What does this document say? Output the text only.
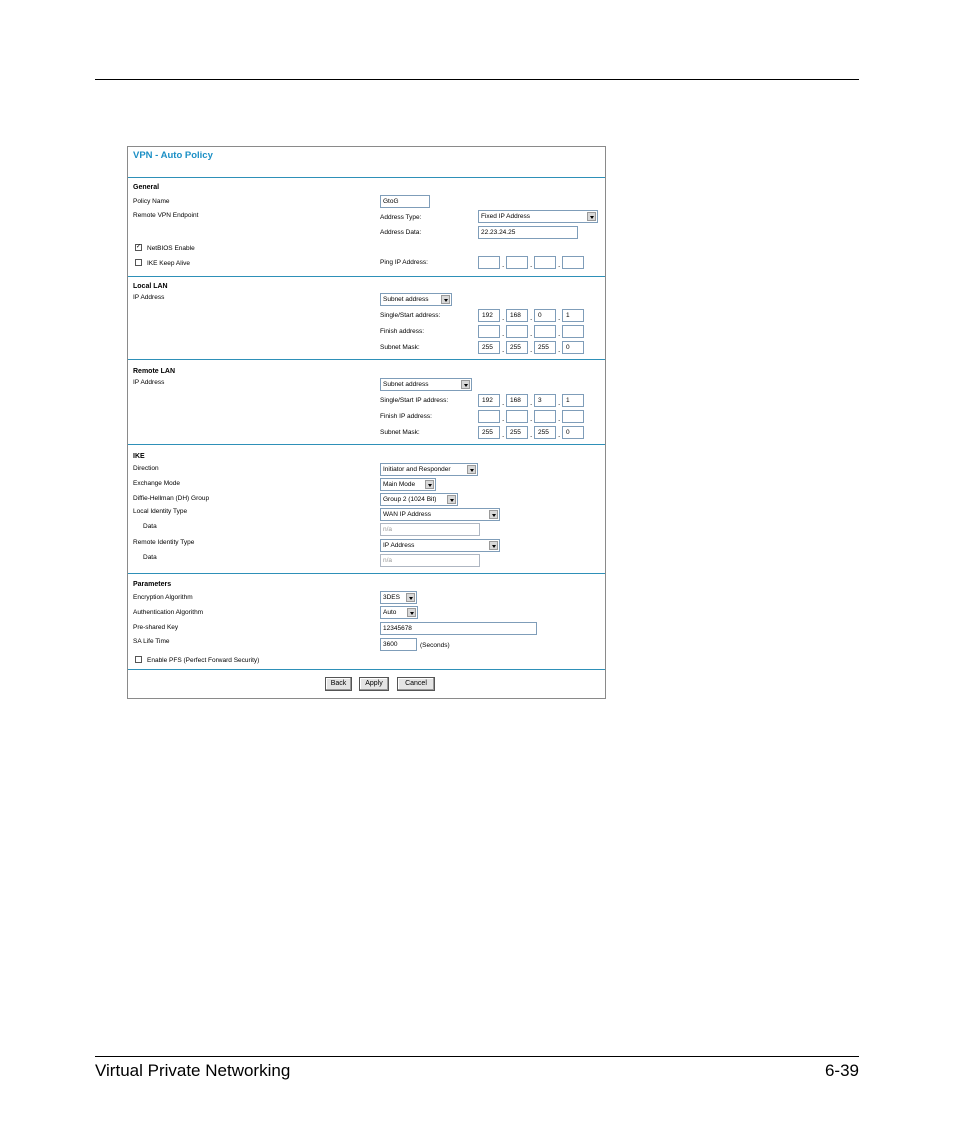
Virtual Private Networking	6-39
VPN - Auto Policy
General
Policy Name	GtoG
Remote VPN Endpoint	Address Type:	Fixed IP Address
Address Data:	22.23.24.25
✓ NetBIOS Enable
IKE Keep Alive	Ping IP Address:	.	.	.
Local LAN
IP Address	Subnet address
Single/Start address:	192	. 168	. 0	. 1
Finish address:	.	.	.
Subnet Mask:	255	. 255	. 255	. 0
Remote LAN
IP Address	Subnet address
Single/Start IP address:	192	. 168	. 3	. 1
Finish IP address:	.	.	.
Subnet Mask:	255	. 255	. 255	. 0
IKE
Direction	Initiator and Responder
Exchange Mode	Main Mode
Diffie-Hellman (DH) Group	Group 2 (1024 Bit)
Local Identity Type	WAN IP Address
Data	n/a
Remote Identity Type	IP Address
Data	n/a
Parameters
Encryption Algorithm	3DES
Authentication Algorithm	Auto
Pre-shared Key	12345678
SA Life Time	3600	(Seconds)
Enable PFS (Perfect Forward Security)
Back	Apply	Cancel
